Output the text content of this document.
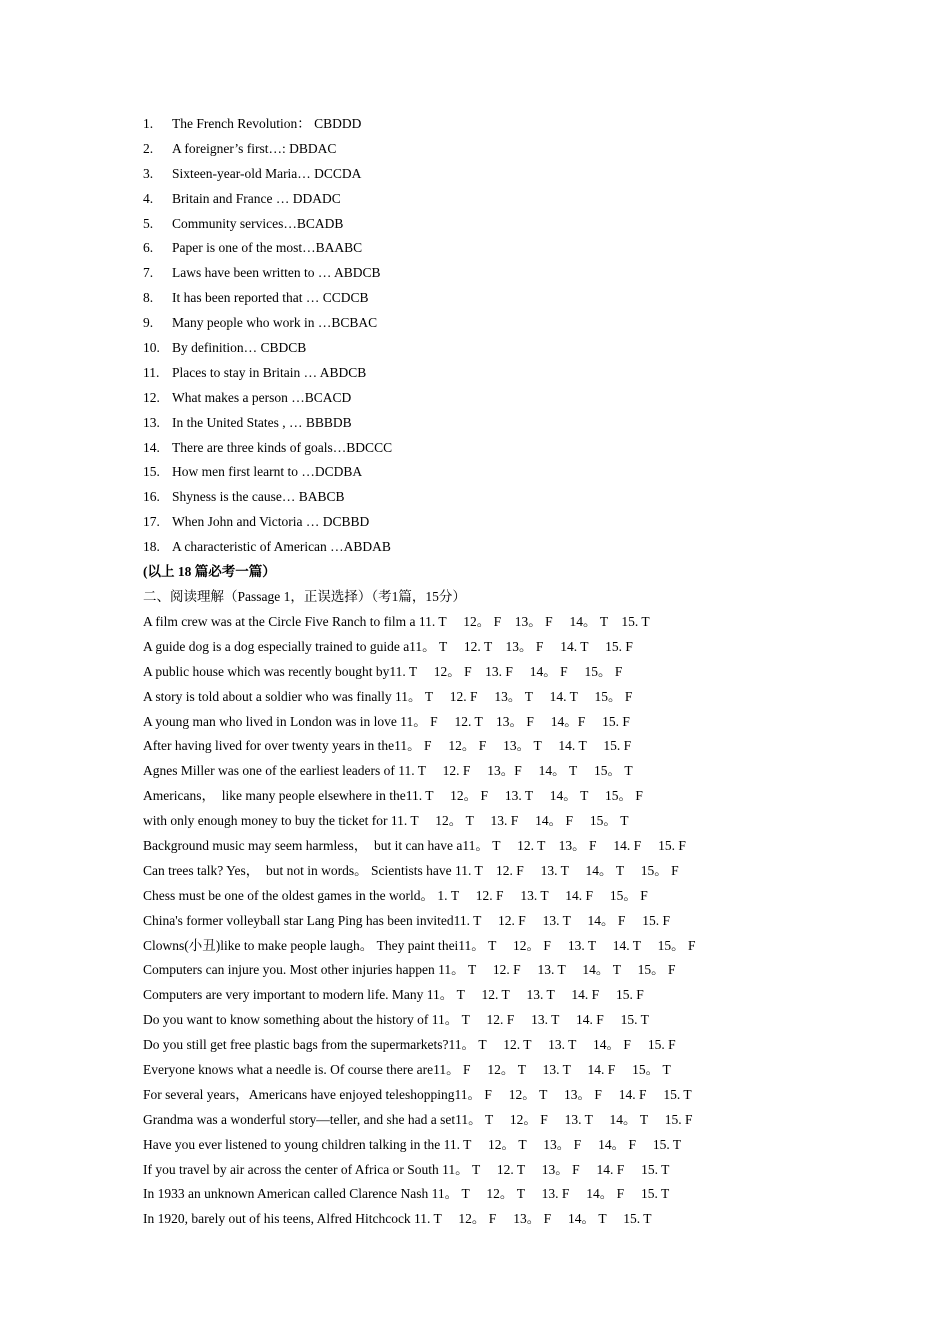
1.	The French Revolution： CBDDD
2.	A foreigner’s first…: DBDAC
3.	Sixteen-year-old Maria… DCCDA
4.	Britain and France … DDADC
5.	Community services…BCADB
6.	Paper is one of the most…BAABC
7.	Laws have been written to … ABDCB
8.	It has been reported that … CCDCB
9.	Many people who work in …BCBAC
10. By definition… CBDCB
11. Places to stay in Britain … ABDCB
12. What makes a person …BCACD
13. In the United States , … BBBDB
14. There are three kinds of goals…BDCCC
15. How men first learnt to …DCDBA
16. Shyness is the cause… BABCB
17. When John and Victoria … DCBBD
18. A characteristic of American …ABDAB
(以上 18 篇必考一篇）
二、阅读理解（Passage 1，正误选择）（考1篇，15分）
A film crew was at the Circle Five Ranch to film a 11. T     12。 F    13。 F     14。 T    15. T
A guide dog is a dog especially trained to guide a11。 T     12. T    13。 F     14. T     15. F
A public house which was recently bought by11. T     12。 F    13. F     14。 F     15。 F
A story is told about a soldier who was finally 11。 T     12. F     13。 T     14. T     15。 F
A young man who lived in London was in love 11。 F     12. T    13。 F     14。F     15. F
After having lived for over twenty years in the11。 F     12。 F     13。 T     14. T     15. F
Agnes Miller was one of the earliest leaders of 11. T     12. F     13。F     14。 T     15。 T
Americans，  like many people elsewhere in the11. T     12。 F     13. T     14。 T     15。 F
with only enough money to buy the ticket for 11. T     12。 T     13. F     14。 F     15。 T
Background music may seem harmless，  but it can have a11。 T     12. T    13。 F     14. F     15. F
Can trees talk? Yes，  but not in words。 Scientists have 11. T    12. F     13. T     14。 T     15。 F
Chess must be one of the oldest games in the world。 1. T     12. F     13. T     14. F     15。 F
China's former volleyball star Lang Ping has been invited11. T     12. F     13. T     14。 F     15. F
Clowns(小丑)like to make people laugh。 They paint thei11。 T     12。 F     13. T     14. T     15。 F
Computers can injure you. Most other injuries happen 11。 T     12. F     13. T     14。 T     15。 F
Computers are very important to modern life. Many 11。 T     12. T     13. T     14. F     15. F
Do you want to know something about the history of 11。 T     12. F     13. T     14. F     15. T
Do you still get free plastic bags from the supermarkets?11。 T     12. T     13. T     14。 F     15. F
Everyone knows what a needle is. Of course there are11。 F     12。 T     13. T     14. F     15。 T
For several years，Americans have enjoyed teleshopping11。 F     12。 T     13。 F     14. F     15. T
Grandma was a wonderful story—teller, and she had a set11。 T     12。 F     13. T     14。 T     15. F
Have you ever listened to young children talking in the 11. T     12。 T     13。 F     14。 F     15. T
If you travel by air across the center of Africa or South 11。 T     12. T     13。 F     14. F     15. T
In 1933 an unknown American called Clarence Nash 11。 T     12。 T     13. F     14。 F     15. T
In 1920, barely out of his teens, Alfred Hitchcock 11. T     12。 F     13。 F     14。 T     15. T
